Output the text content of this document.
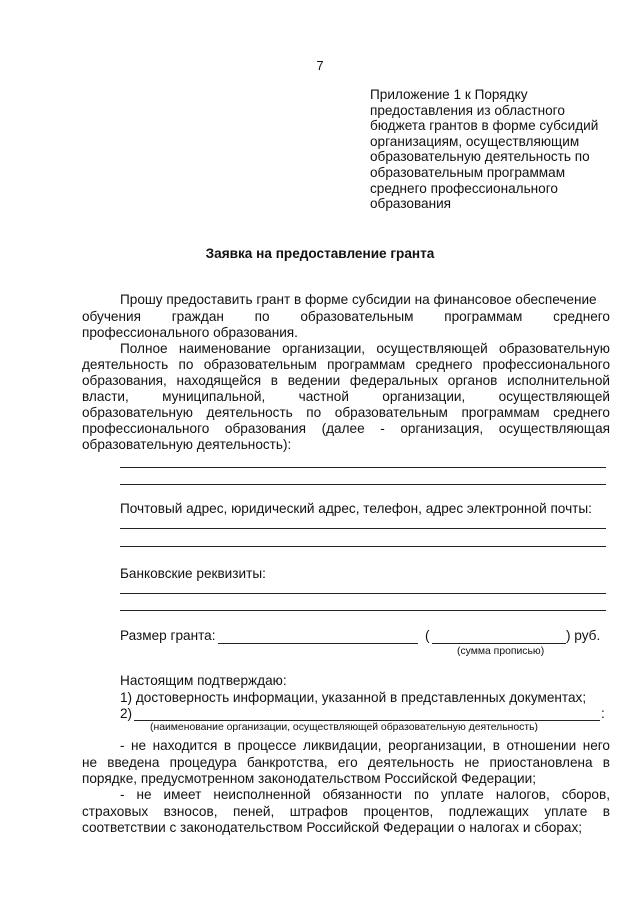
7
Приложение 1 к Порядку
предоставления из областного
бюджета грантов в форме субсидий
организациям, осуществляющим
образовательную деятельность по
образовательным программам
среднего профессионального
образования
Заявка на предоставление гранта
Прошу предоставить грант в форме субсидии на финансовое обеспечение
обучения граждан по образовательным программам среднего
профессионального образования.
Полное наименование организации, осуществляющей образовательную
деятельность по образовательным программам среднего профессионального
образования, находящейся в ведении федеральных органов исполнительной
власти, муниципальной, частной организации, осуществляющей
образовательную деятельность по образовательным программам среднего
профессионального образования (далее - организация, осуществляющая
образовательную деятельность):
Почтовый адрес, юридический адрес, телефон, адрес электронной почты:
Банковские реквизиты:
Размер гранта:	(	) руб.
(сумма прописью)
Настоящим подтверждаю:
1) достоверность информации, указанной в представленных документах;
2)	:
(наименование организации, осуществляющей образовательную деятельность)
- не находится в процессе ликвидации, реорганизации, в отношении него
не введена процедура банкротства, его деятельность не приостановлена в
порядке, предусмотренном законодательством Российской Федерации;
- не имеет неисполненной обязанности по уплате налогов, сборов,
страховых взносов, пеней, штрафов процентов, подлежащих уплате в
соответствии с законодательством Российской Федерации о налогах и сборах;
